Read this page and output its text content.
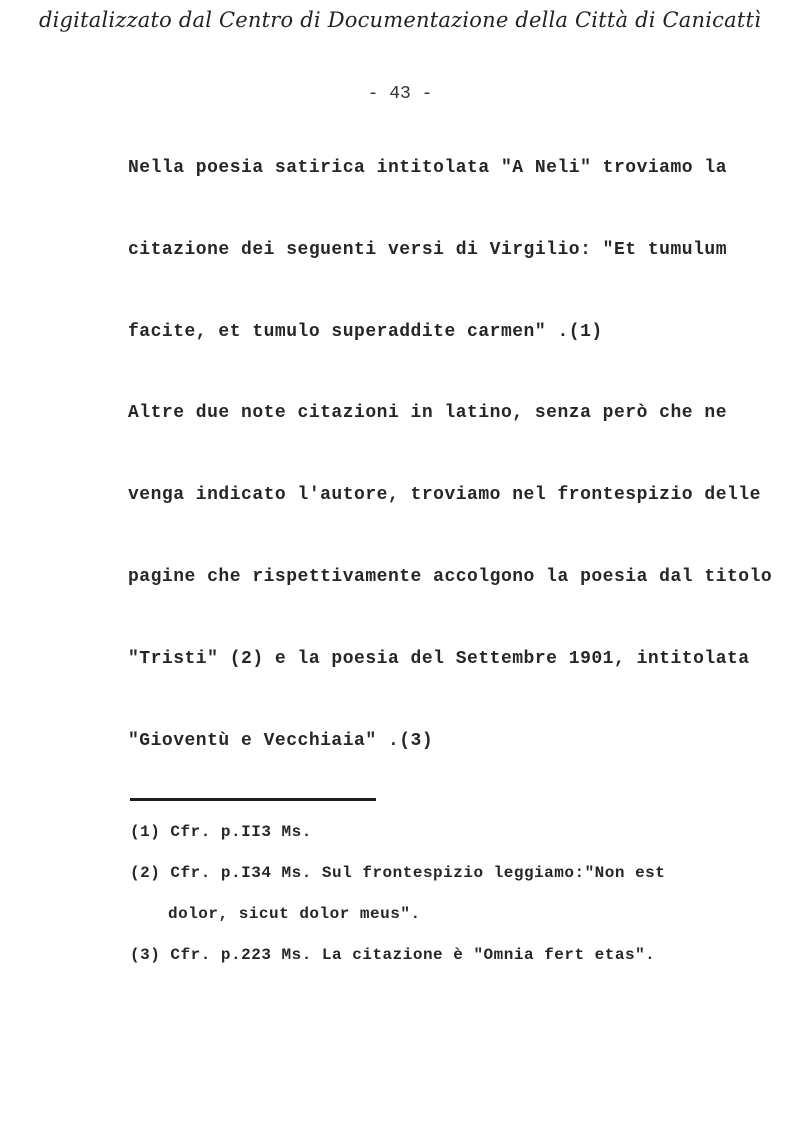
digitalizzato dal Centro di Documentazione della Città di Canicattì
- 43 -
Nella poesia satirica intitolata "A Neli" troviamo la
citazione dei seguenti versi di Virgilio: "Et tumulum
facite, et tumulo superaddite carmen" .(1)
Altre due note citazioni in latino, senza però che ne
venga indicato l'autore, troviamo nel frontespizio delle
pagine che rispettivamente accolgono la poesia dal titolo
"Tristi" (2) e la poesia del Settembre 1901, intitolata
"Gioventù e Vecchiaia" .(3)
(1) Cfr. p.II3 Ms.
(2) Cfr. p.I34 Ms. Sul frontespizio leggiamo:"Non est
dolor, sicut dolor meus".
(3) Cfr. p.223 Ms. La citazione è "Omnia fert etas".
